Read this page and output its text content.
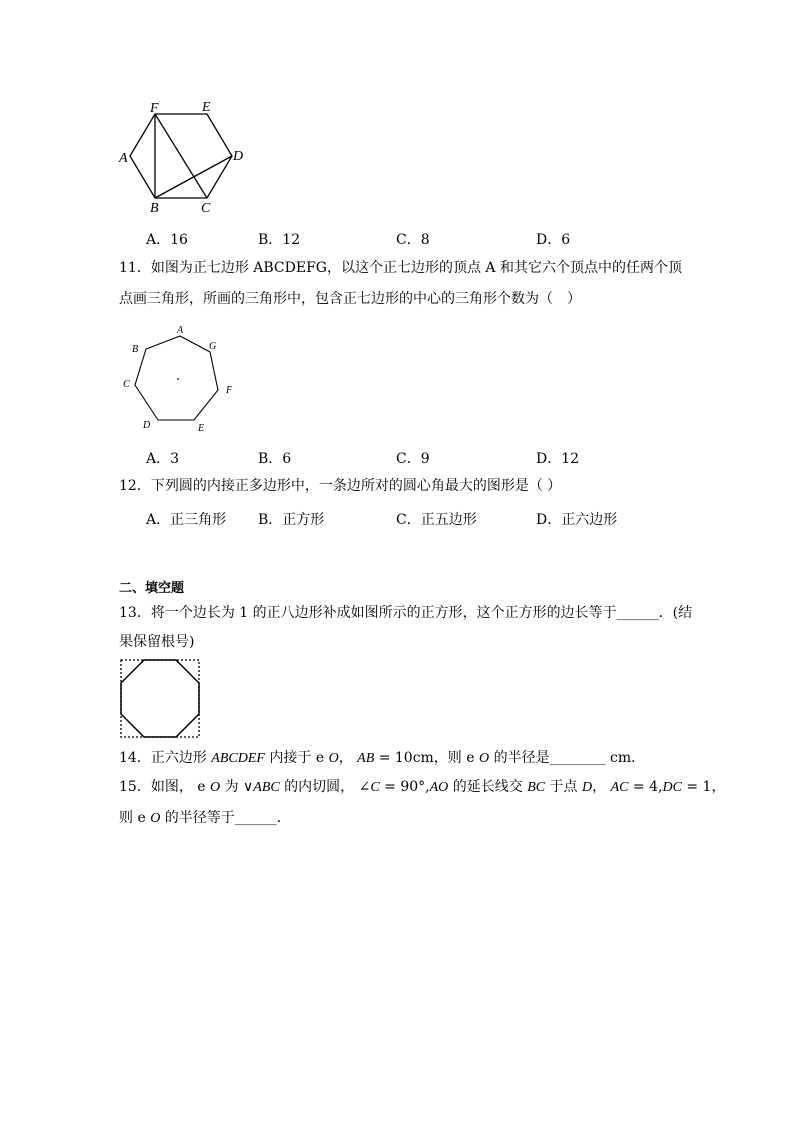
F	E
A	D
B	C
A
B
C
D	E
F
G
A．16	B．12	C．8	D．6
11．如图为正七边形 ABCDEFG，以这个正七边形的顶点 A 和其它六个顶点中的任两个顶
点画三角形，所画的三角形中，包含正七边形的中心的三角形个数为（　）
A．3	B．6	C．9	D．12
12．下列圆的内接正多边形中，一条边所对的圆心角最大的图形是（ ）
A．正三角形 B．正方形	C．正五边形	D．正六边形
二、填空题
13．将一个边长为 1 的正八边形补成如图所示的正方形，这个正方形的边长等于______．(结
果保留根号)
14．正六边形 ABCDEF 内接于 e O， AB = 10cm，则 e O 的半径是________ cm．
15．如图， e O 为 ∨ABC 的内切圆， ∠C = 90°,AO 的延长线交 BC 于点 D， AC = 4,DC = 1，
则 e O 的半径等于______．
